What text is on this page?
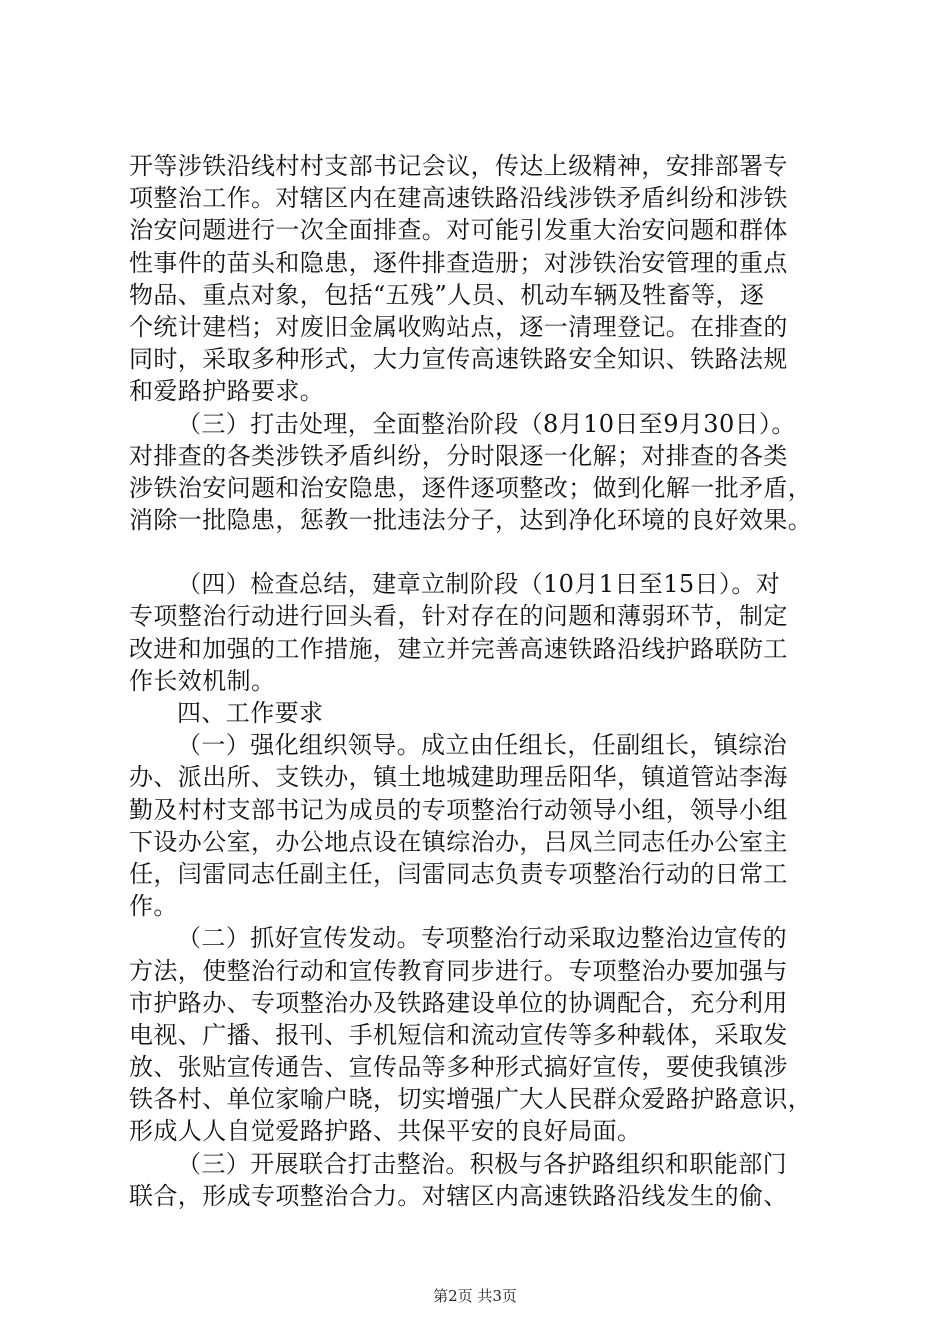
开等涉铁沿线村村支部书记会议，传达上级精神，安排部署专
项整治工作。对辖区内在建高速铁路沿线涉铁矛盾纠纷和涉铁
治安问题进行一次全面排查。对可能引发重大治安问题和群体
性事件的苗头和隐患，逐件排查造册；对涉铁治安管理的重点
物品、重点对象，包括“五残”人员、机动车辆及牲畜等，逐
个统计建档；对废旧金属收购站点，逐一清理登记。在排查的
同时，采取多种形式，大力宣传高速铁路安全知识、铁路法规
和爱路护路要求。
（三）打击处理，全面整治阶段（8月10日至9月30日）。
对排查的各类涉铁矛盾纠纷，分时限逐一化解；对排查的各类
涉铁治安问题和治安隐患，逐件逐项整改；做到化解一批矛盾，
消除一批隐患，惩教一批违法分子，达到净化环境的良好效果。
（四）检查总结，建章立制阶段（10月1日至15日）。对
专项整治行动进行回头看，针对存在的问题和薄弱环节，制定
改进和加强的工作措施，建立并完善高速铁路沿线护路联防工
作长效机制。
四、工作要求
（一）强化组织领导。成立由任组长，任副组长，镇综治
办、派出所、支铁办，镇土地城建助理岳阳华，镇道管站李海
勤及村村支部书记为成员的专项整治行动领导小组，领导小组
下设办公室，办公地点设在镇综治办，吕凤兰同志任办公室主
任，闫雷同志任副主任，闫雷同志负责专项整治行动的日常工
作。
（二）抓好宣传发动。专项整治行动采取边整治边宣传的
方法，使整治行动和宣传教育同步进行。专项整治办要加强与
市护路办、专项整治办及铁路建设单位的协调配合，充分利用
电视、广播、报刊、手机短信和流动宣传等多种载体，采取发
放、张贴宣传通告、宣传品等多种形式搞好宣传，要使我镇涉
铁各村、单位家喻户晓，切实增强广大人民群众爱路护路意识，
形成人人自觉爱路护路、共保平安的良好局面。
（三）开展联合打击整治。积极与各护路组织和职能部门
联合，形成专项整治合力。对辖区内高速铁路沿线发生的偷、
第2页 共3页
